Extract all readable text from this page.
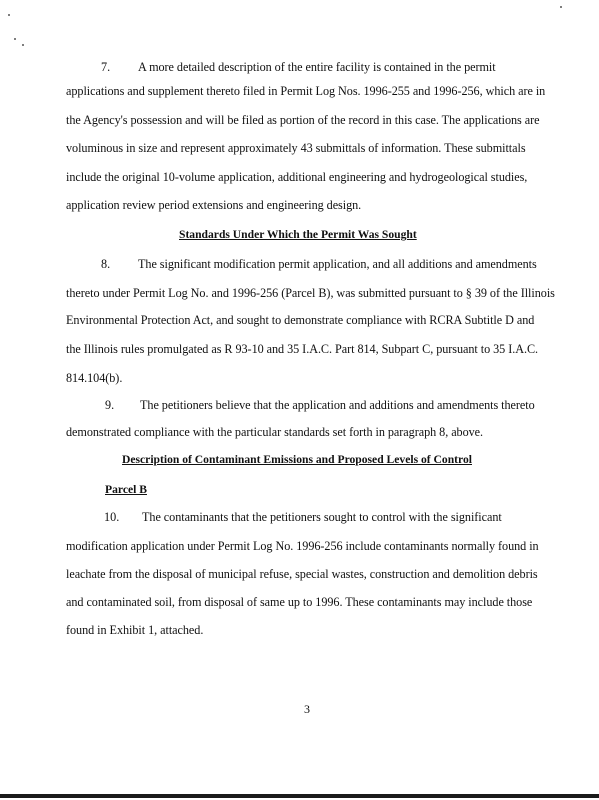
7. A more detailed description of the entire facility is contained in the permit
applications and supplement thereto filed in Permit Log Nos. 1996-255 and 1996-256, which are in
the Agency's possession and will be filed as portion of the record in this case. The applications are
voluminous in size and represent approximately 43 submittals of information. These submittals
include the original 10-volume application, additional engineering and hydrogeological studies,
application review period extensions and engineering design.
Standards Under Which the Permit Was Sought
8. The significant modification permit application, and all additions and amendments
thereto under Permit Log No. and 1996-256 (Parcel B), was submitted pursuant to § 39 of the Illinois
Environmental Protection Act, and sought to demonstrate compliance with RCRA Subtitle D and
the Illinois rules promulgated as R 93-10 and 35 I.A.C. Part 814, Subpart C, pursuant to 35 I.A.C.
814.104(b).
9. The petitioners believe that the application and additions and amendments thereto
demonstrated compliance with the particular standards set forth in paragraph 8, above.
Description of Contaminant Emissions and Proposed Levels of Control
Parcel B
10. The contaminants that the petitioners sought to control with the significant
modification application under Permit Log No. 1996-256 include contaminants normally found in
leachate from the disposal of municipal refuse, special wastes, construction and demolition debris
and contaminated soil, from disposal of same up to 1996. These contaminants may include those
found in Exhibit 1, attached.
3
